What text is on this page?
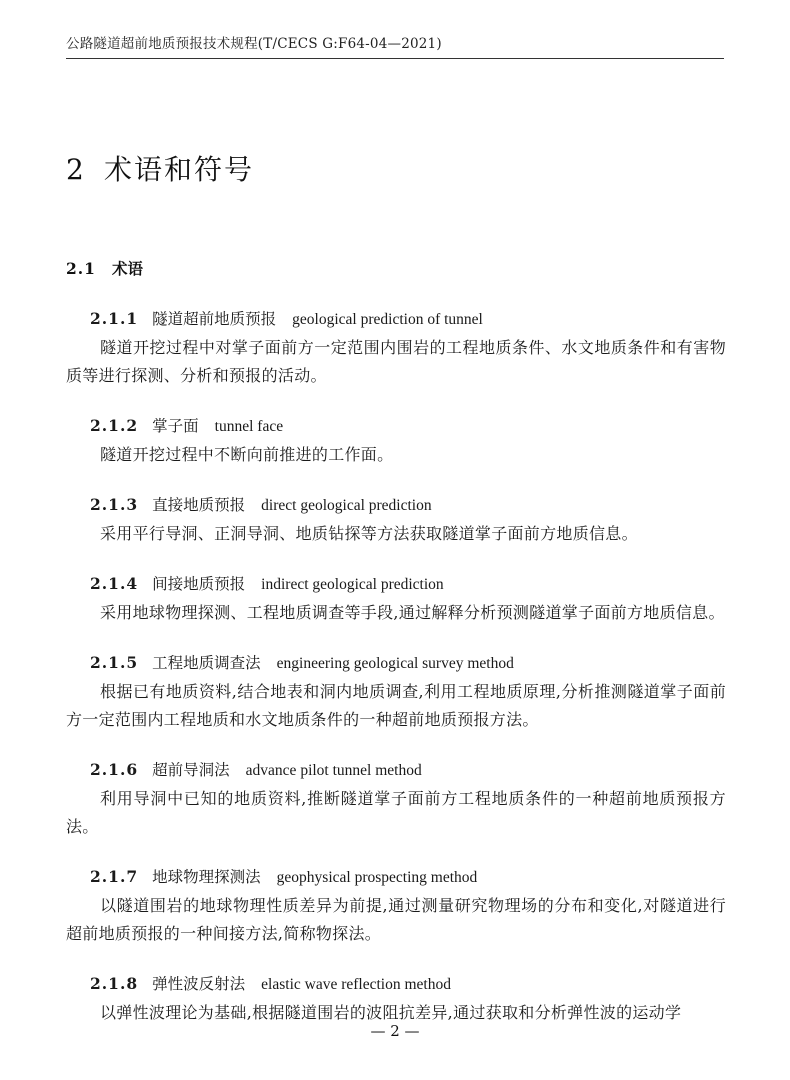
公路隧道超前地质预报技术规程(T/CECS G:F64-04—2021)
2 术语和符号
2.1 术语
2.1.1 隧道超前地质预报 geological prediction of tunnel
隧道开挖过程中对掌子面前方一定范围内围岩的工程地质条件、水文地质条件和有害物质等进行探测、分析和预报的活动。
2.1.2 掌子面 tunnel face
隧道开挖过程中不断向前推进的工作面。
2.1.3 直接地质预报 direct geological prediction
采用平行导洞、正洞导洞、地质钻探等方法获取隧道掌子面前方地质信息。
2.1.4 间接地质预报 indirect geological prediction
采用地球物理探测、工程地质调查等手段,通过解释分析预测隧道掌子面前方地质信息。
2.1.5 工程地质调查法 engineering geological survey method
根据已有地质资料,结合地表和洞内地质调查,利用工程地质原理,分析推测隧道掌子面前方一定范围内工程地质和水文地质条件的一种超前地质预报方法。
2.1.6 超前导洞法 advance pilot tunnel method
利用导洞中已知的地质资料,推断隧道掌子面前方工程地质条件的一种超前地质预报方法。
2.1.7 地球物理探测法 geophysical prospecting method
以隧道围岩的地球物理性质差异为前提,通过测量研究物理场的分布和变化,对隧道进行超前地质预报的一种间接方法,简称物探法。
2.1.8 弹性波反射法 elastic wave reflection method
以弹性波理论为基础,根据隧道围岩的波阻抗差异,通过获取和分析弹性波的运动学
— 2 —
